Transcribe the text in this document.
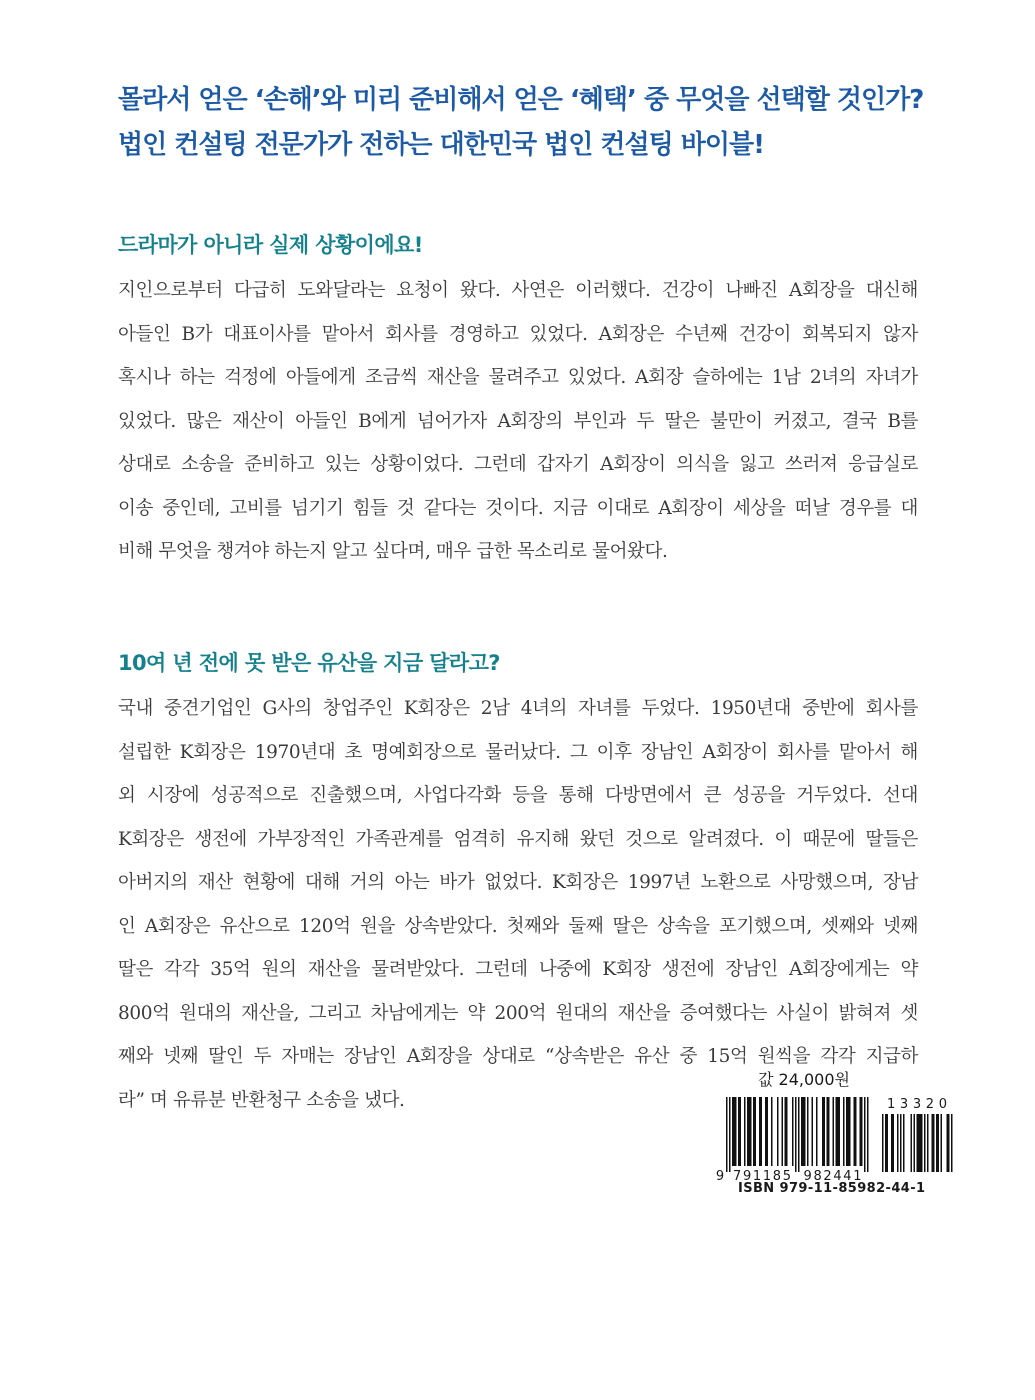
몰라서 얻은 ‘손해’와 미리 준비해서 얻은 ‘혜택’ 중 무엇을 선택할 것인가?
법인 컨설팅 전문가가 전하는 대한민국 법인 컨설팅 바이블!
드라마가 아니라 실제 상황이에요!
지인으로부터 다급히 도와달라는 요청이 왔다. 사연은 이러했다. 건강이 나빠진 A회장을 대신해
아들인 B가 대표이사를 맡아서 회사를 경영하고 있었다. A회장은 수년째 건강이 회복되지 않자
혹시나 하는 걱정에 아들에게 조금씩 재산을 물려주고 있었다. A회장 슬하에는 1남 2녀의 자녀가
있었다. 많은 재산이 아들인 B에게 넘어가자 A회장의 부인과 두 딸은 불만이 커졌고, 결국 B를
상대로 소송을 준비하고 있는 상황이었다. 그런데 갑자기 A회장이 의식을 잃고 쓰러져 응급실로
이송 중인데, 고비를 넘기기 힘들 것 같다는 것이다. 지금 이대로 A회장이 세상을 떠날 경우를 대
비해 무엇을 챙겨야 하는지 알고 싶다며, 매우 급한 목소리로 물어왔다.
10여 년 전에 못 받은 유산을 지금 달라고?
국내 중견기업인 G사의 창업주인 K회장은 2남 4녀의 자녀를 두었다. 1950년대 중반에 회사를
설립한 K회장은 1970년대 초 명예회장으로 물러났다. 그 이후 장남인 A회장이 회사를 맡아서 해
외 시장에 성공적으로 진출했으며, 사업다각화 등을 통해 다방면에서 큰 성공을 거두었다. 선대
K회장은 생전에 가부장적인 가족관계를 엄격히 유지해 왔던 것으로 알려졌다. 이 때문에 딸들은
아버지의 재산 현황에 대해 거의 아는 바가 없었다. K회장은 1997년 노환으로 사망했으며, 장남
인 A회장은 유산으로 120억 원을 상속받았다. 첫째와 둘째 딸은 상속을 포기했으며, 셋째와 넷째
딸은 각각 35억 원의 재산을 물려받았다. 그런데 나중에 K회장 생전에 장남인 A회장에게는 약
800억 원대의 재산을, 그리고 차남에게는 약 200억 원대의 재산을 증여했다는 사실이 밝혀져 셋
째와 넷째 딸인 두 자매는 장남인 A회장을 상대로 “상속받은 유산 중 15억 원씩을 각각 지급하
라” 며 유류분 반환청구 소송을 냈다.
값 24,000원
13320
9 791185 982441
ISBN 979-11-85982-44-1
